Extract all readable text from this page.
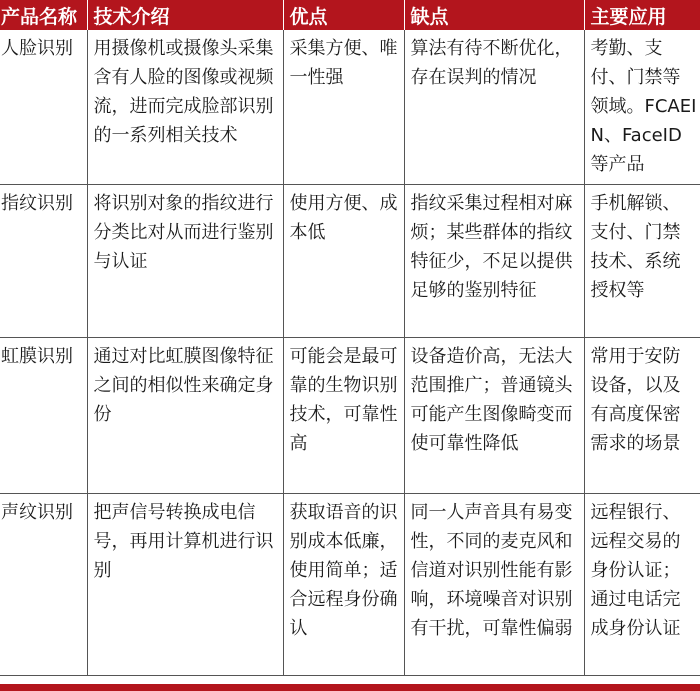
产品名称	技术介绍	优点	缺点	主要应用
人脸识别	用摄像机或摄像头采集含有人脸的图像或视频流，进而完成脸部识别的一系列相关技术	采集方便、唯一性强	算法有待不断优化，存在误判的情况	考勤、支付、门禁等领域。FCAEIN、FaceID等产品
指纹识别	将识别对象的指纹进行分类比对从而进行鉴别与认证	使用方便、成本低	指纹采集过程相对麻烦；某些群体的指纹特征少，不足以提供足够的鉴别特征	手机解锁、支付、门禁技术、系统授权等
虹膜识别	通过对比虹膜图像特征之间的相似性来确定身份	可能会是最可靠的生物识别技术，可靠性高	设备造价高，无法大范围推广；普通镜头可能产生图像畸变而使可靠性降低	常用于安防设备，以及有高度保密需求的场景
声纹识别	把声信号转换成电信号，再用计算机进行识别	获取语音的识别成本低廉，使用简单；适合远程身份确认	同一人声音具有易变性，不同的麦克风和信道对识别性能有影响，环境噪音对识别有干扰，可靠性偏弱	远程银行、远程交易的身份认证；通过电话完成身份认证
